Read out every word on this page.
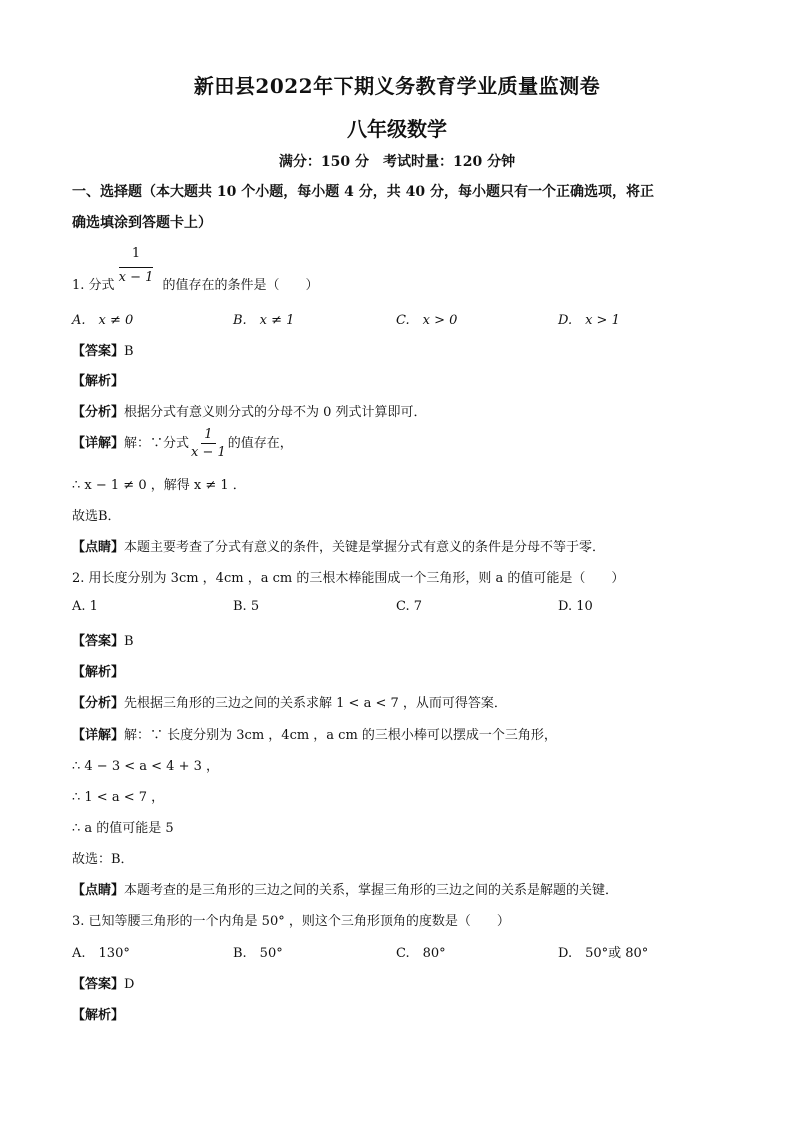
新田县2022年下期义务教育学业质量监测卷
八年级数学
满分：150 分　考试时量：120 分钟
一、选择题（本大题共 10 个小题，每小题 4 分，共 40 分，每小题只有一个正确选项，将正
确选填涂到答题卡上）
1
x − 1
1. 分式	的值存在的条件是（　　）
A.　x ≠ 0	B.　x ≠ 1	C.　x > 0	D.　x > 1
【答案】B
【解析】
【分析】根据分式有意义则分式的分母不为 0 列式计算即可．
【详解】解：∵分式 $\frac{1}{x - 1}$ 的值存在，
∴ x − 1 ≠ 0 ，解得 x ≠ 1 ．
故选B．
【点睛】本题主要考查了分式有意义的条件，关键是掌握分式有意义的条件是分母不等于零．
2. 用长度分别为 3cm ，4cm ，a cm 的三根木棒能围成一个三角形，则 a 的值可能是（　　）
A. 1	B. 5	C. 7	D. 10
【答案】B
【解析】
【分析】先根据三角形的三边之间的关系求解 1 < a < 7 ，从而可得答案．
【详解】解：∵ 长度分别为 3cm ，4cm ，a cm 的三根小棒可以摆成一个三角形，
∴ 4 − 3 < a < 4 + 3 ，
∴ 1 < a < 7 ，
∴ a 的值可能是 5
故选：B．
【点睛】本题考查的是三角形的三边之间的关系，掌握三角形的三边之间的关系是解题的关键．
3. 已知等腰三角形的一个内角是 50° ，则这个三角形顶角的度数是（　　）
A.　130°	B.　50°	C.　80°	D.　50°或 80°
【答案】D
【解析】
